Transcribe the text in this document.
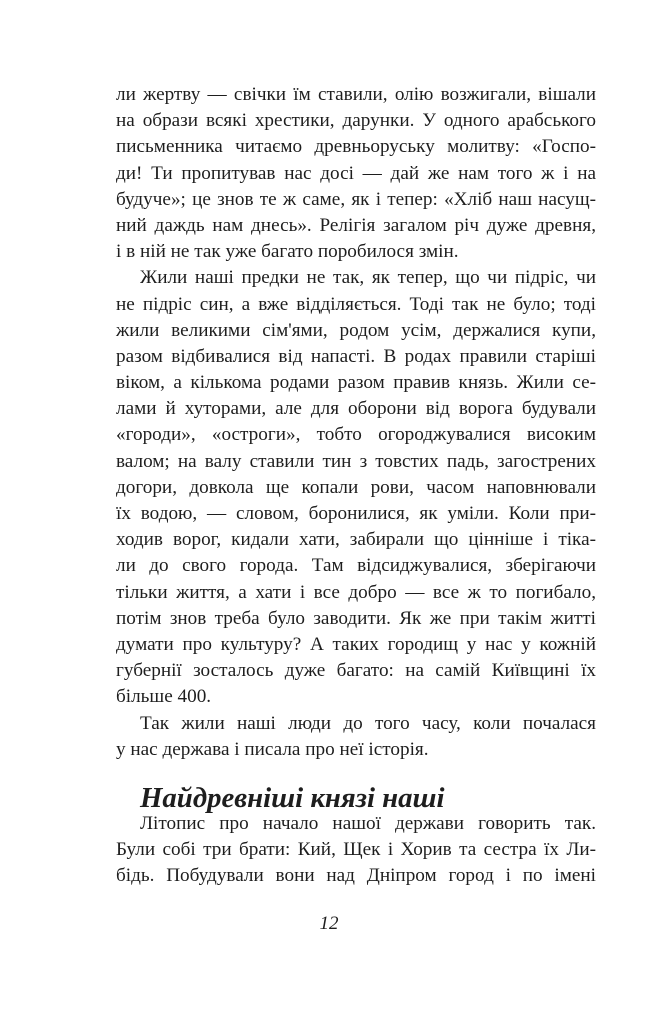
ли жертву — свічки їм ставили, олію возжигали, вішали
на образи всякі хрестики, дарунки. У одного арабського
письменника читаємо древньоруську молитву: «Госпо-
ди! Ти пропитував нас досі — дай же нам того ж і на
будуче»; це знов те ж саме, як і тепер: «Хліб наш насущ-
ний даждь нам днесь». Релігія загалом річ дуже древня,
і в ній не так уже багато поробилося змін.
Жили наші предки не так, як тепер, що чи підріс, чи
не підріс син, а вже відділяється. Тоді так не було; тоді
жили великими сім'ями, родом усім, держалися купи,
разом відбивалися від напасті. В родах правили старіші
віком, а кількома родами разом правив князь. Жили се-
лами й хуторами, але для оборони від ворога будували
«городи», «остроги», тобто огороджувалися високим
валом; на валу ставили тин з товстих падь, загострених
догори, довкола ще копали рови, часом наповнювали
їх водою, — словом, боронилися, як уміли. Коли при-
ходив ворог, кидали хати, забирали що цінніше і тіка-
ли до свого города. Там відсиджувалися, зберігаючи
тільки життя, а хати і все добро — все ж то погибало,
потім знов треба було заводити. Як же при такім житті
думати про культуру? А таких городищ у нас у кожній
губернії зосталось дуже багато: на самій Київщині їх
більше 400.
Так жили наші люди до того часу, коли почалася
у нас держава і писала про неї історія.
Найдревніші князі наші
Літопис про начало нашої держави говорить так.
Були собі три брати: Кий, Щек і Хорив та сестра їх Ли-
бідь. Побудували вони над Дніпром город і по імені
12
